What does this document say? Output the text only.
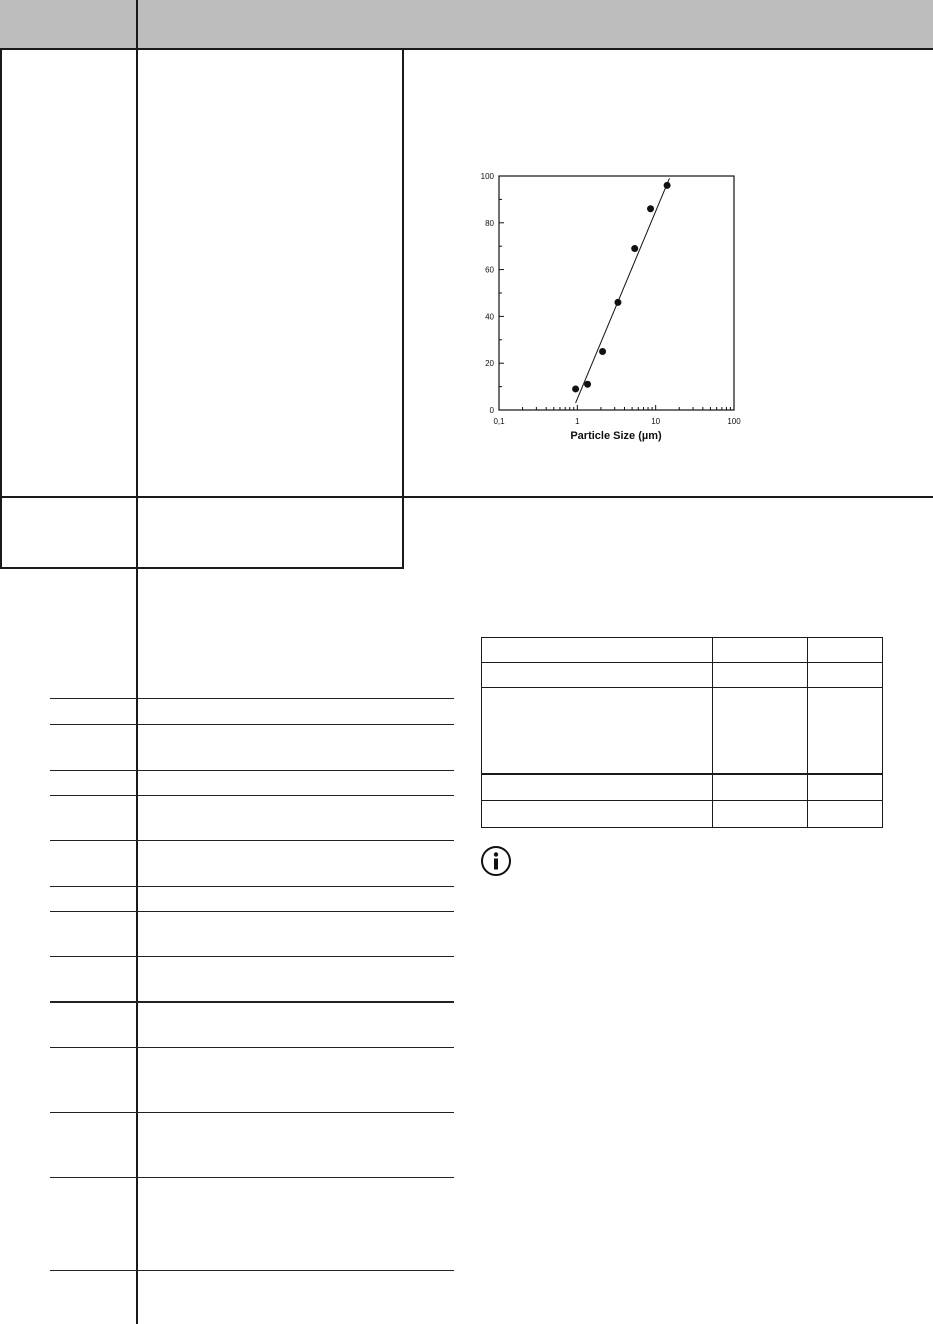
0
20
40
60
80
100
0,1	1	10	100
Particle Size (µm)
